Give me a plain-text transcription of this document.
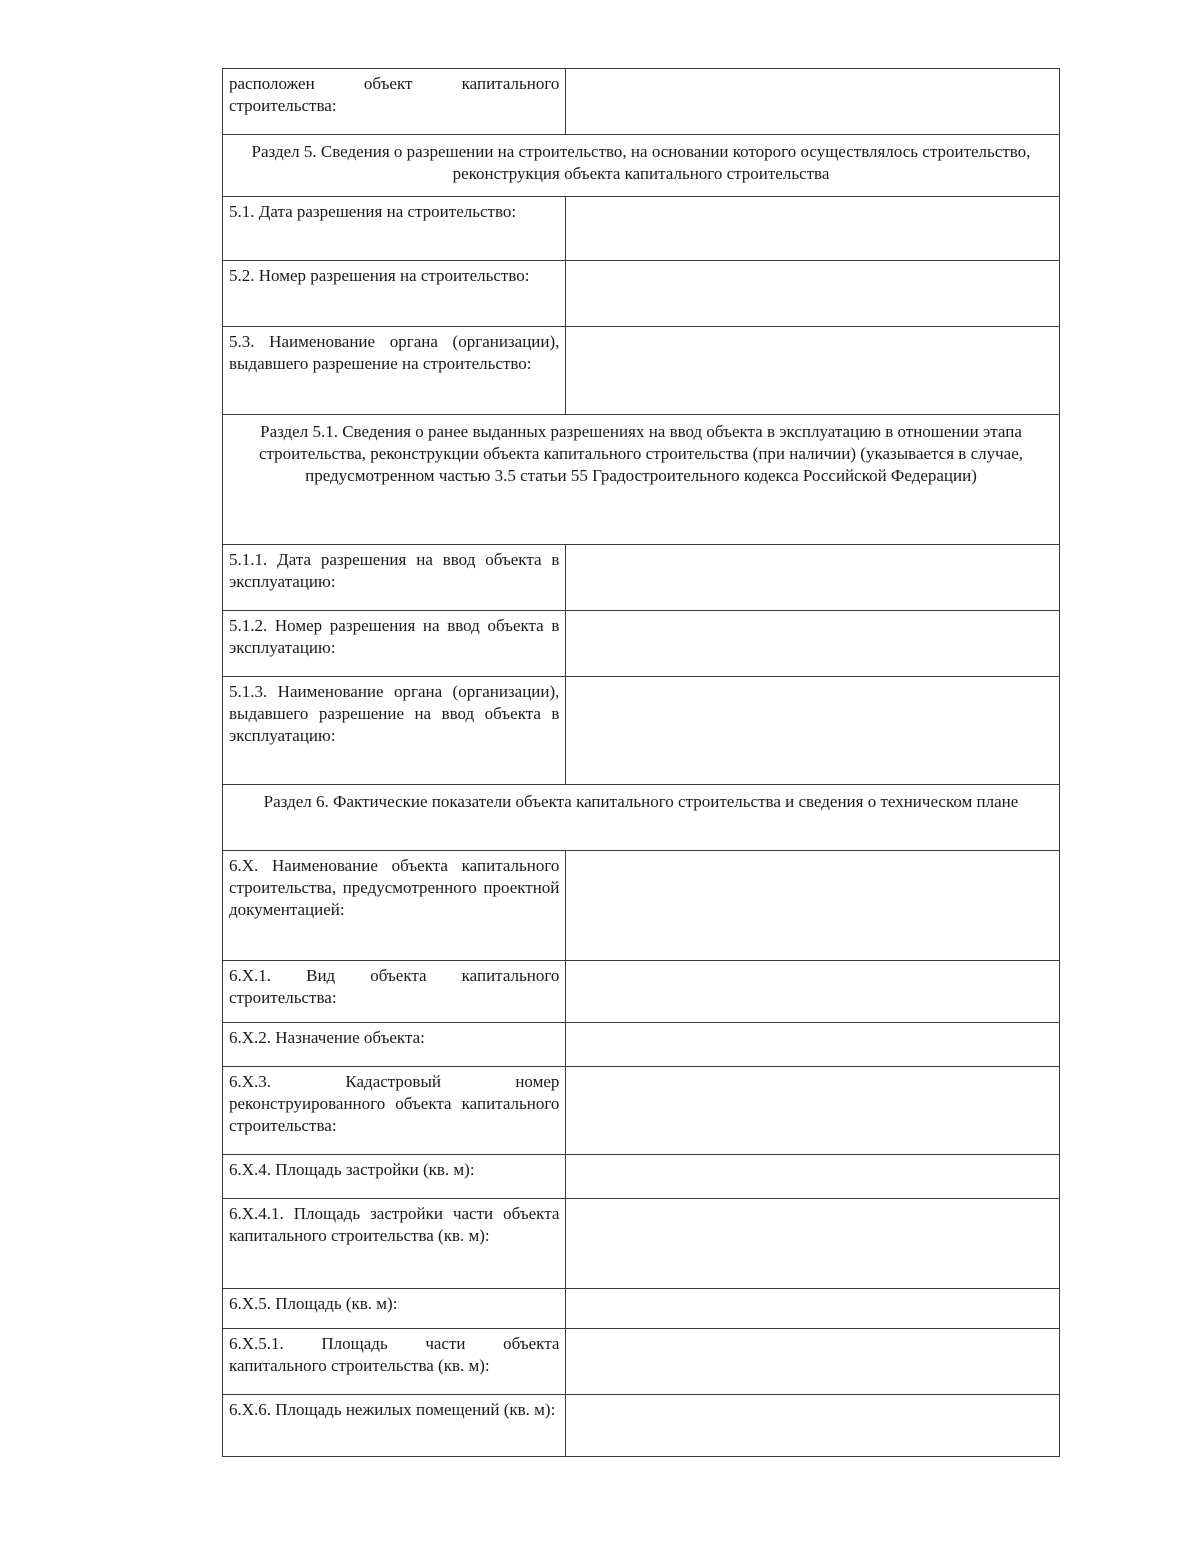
расположен объект капитального строительства:	

Раздел 5. Сведения о разрешении на строительство, на основании которого осуществлялось строительство, реконструкция объекта капитального строительства	

5.1. Дата разрешения на строительство:	
5.2. Номер разрешения на строительство:	
5.3. Наименование органа (организации), выдавшего разрешение на строительство:	

Раздел 5.1. Сведения о ранее выданных разрешениях на ввод объекта в эксплуатацию в отношении этапа строительства, реконструкции объекта капитального строительства (при наличии) (указывается в случае, предусмотренном частью 3.5 статьи 55 Градостроительного кодекса Российской Федерации)	

5.1.1. Дата разрешения на ввод объекта в эксплуатацию:	
5.1.2. Номер разрешения на ввод объекта в эксплуатацию:	
5.1.3. Наименование органа (организации), выдавшего разрешение на ввод объекта в эксплуатацию:	

Раздел 6. Фактические показатели объекта капитального строительства и сведения о техническом плане	

6.X. Наименование объекта капитального строительства, предусмотренного проектной документацией:	
6.X.1. Вид объекта капитального строительства:	
6.X.2. Назначение объекта:	
6.X.3. Кадастровый номер реконструированного объекта капитального строительства:	
6.X.4. Площадь застройки (кв. м):	
6.X.4.1. Площадь застройки части объекта капитального строительства (кв. м):	
6.X.5. Площадь (кв. м):	
6.X.5.1. Площадь части объекта капитального строительства (кв. м):	
6.X.6. Площадь нежилых помещений (кв. м):	
